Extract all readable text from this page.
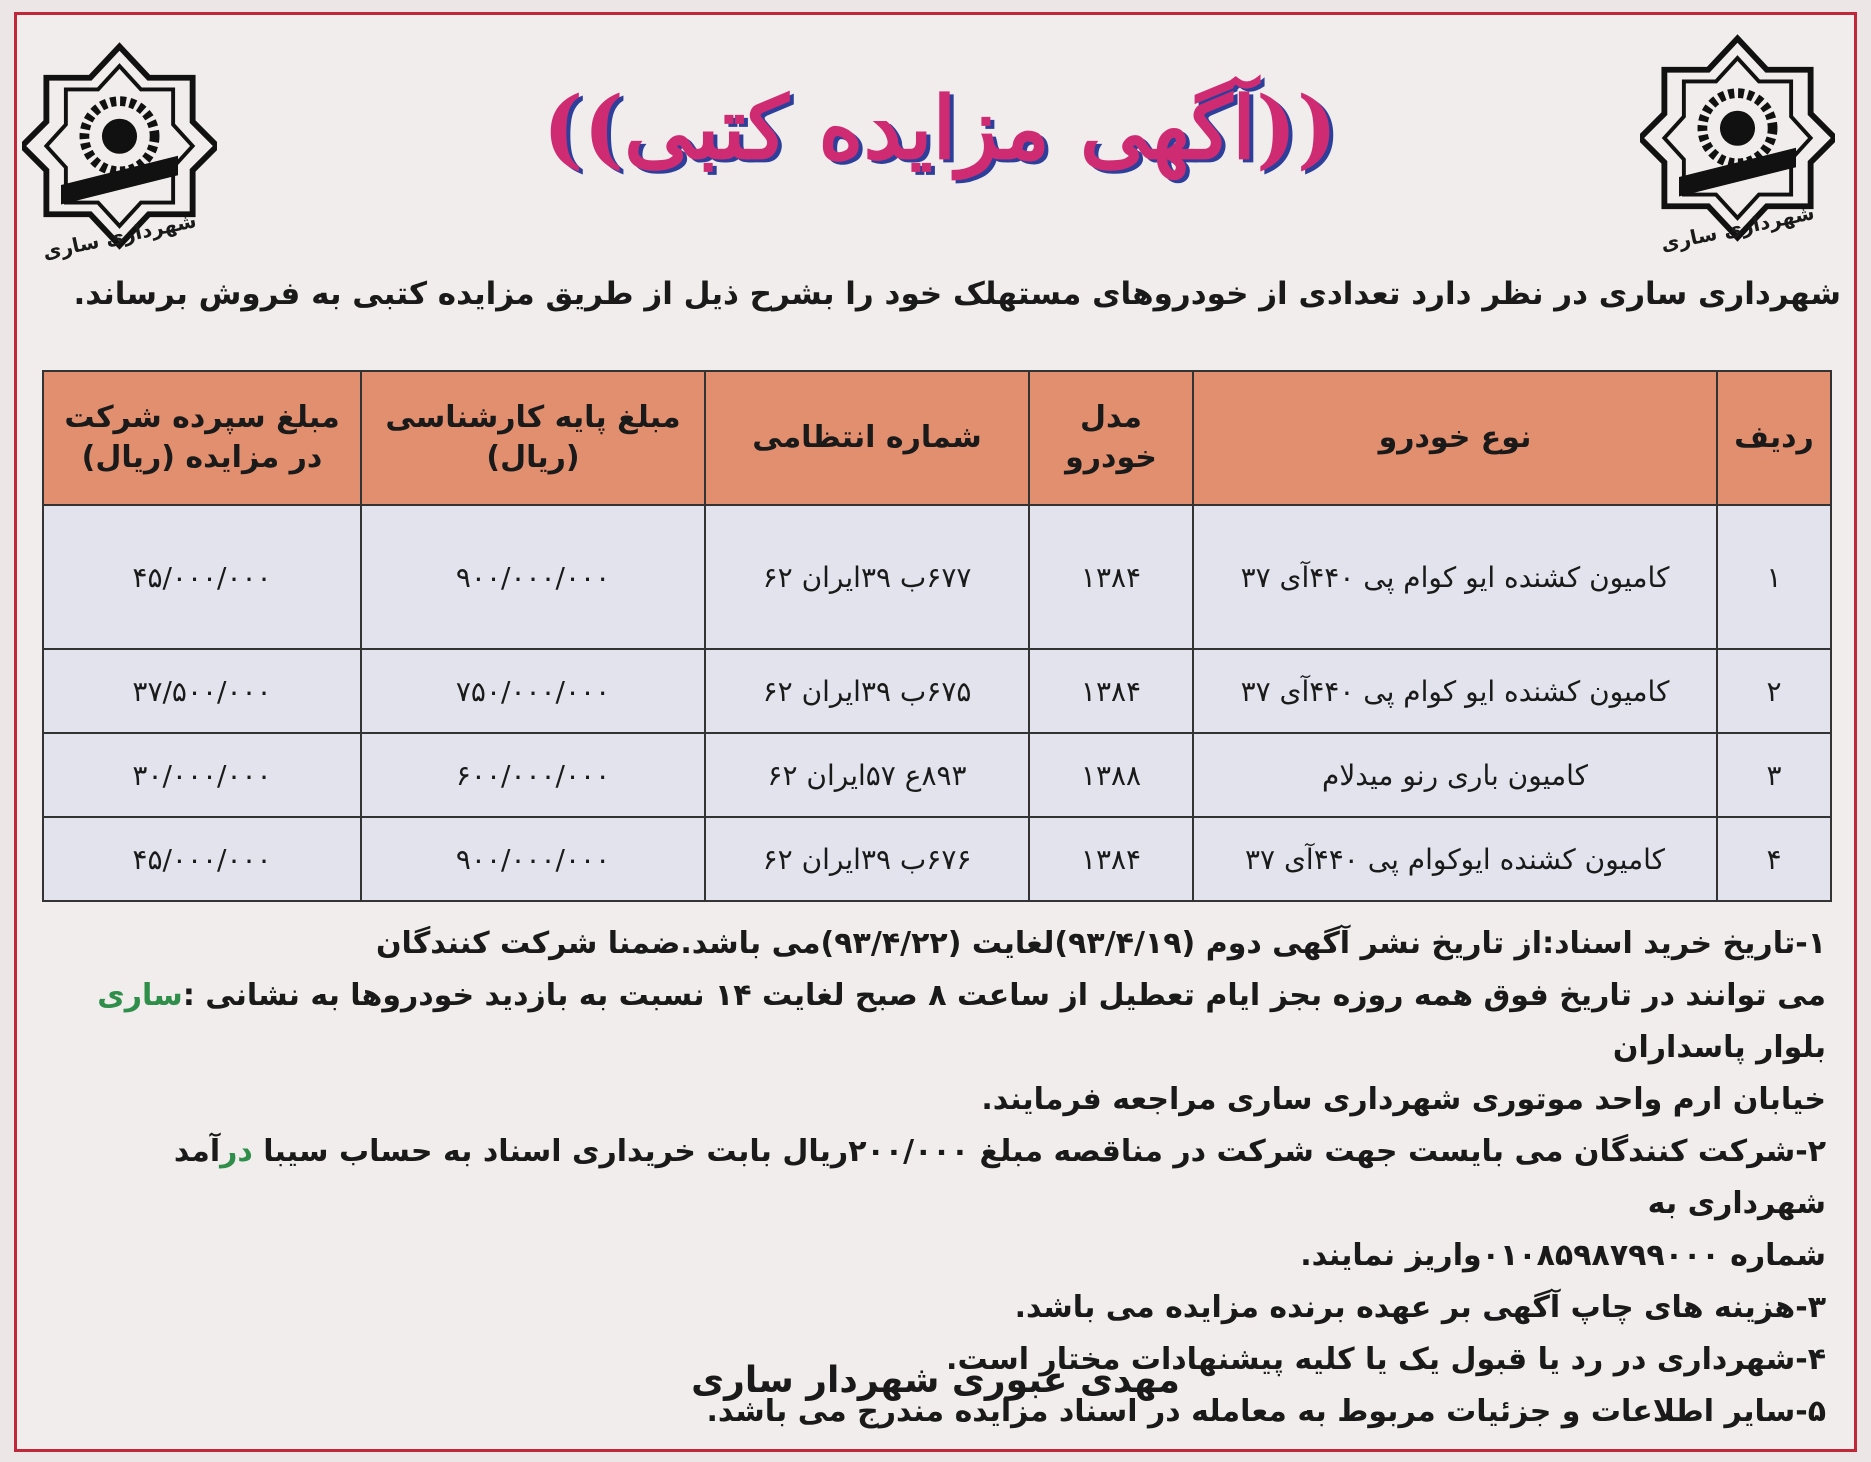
شهرداری ساری
شهرداری ساری
((آگهی مزایده کتبی))
شهرداری ساری در نظر دارد تعدادی از خودروهای مستهلک خود را بشرح ذیل از طریق مزایده کتبی به فروش برساند.
ردیف	نوع خودرو	مدل خودرو	شماره انتظامی	مبلغ پایه کارشناسی (ریال)	مبلغ سپرده شرکت در مزایده (ریال)
۱	کامیون کشنده ایو کوام پی ۴۴۰آی ۳۷	۱۳۸۴	۶۷۷ب ۳۹ایران ۶۲	۹۰۰/۰۰۰/۰۰۰	۴۵/۰۰۰/۰۰۰
۲	کامیون کشنده ایو کوام پی ۴۴۰آی ۳۷	۱۳۸۴	۶۷۵ب ۳۹ایران ۶۲	۷۵۰/۰۰۰/۰۰۰	۳۷/۵۰۰/۰۰۰
۳	کامیون باری رنو میدلام	۱۳۸۸	۸۹۳ع ۵۷ایران ۶۲	۶۰۰/۰۰۰/۰۰۰	۳۰/۰۰۰/۰۰۰
۴	کامیون کشنده ایوکوام پی ۴۴۰آی ۳۷	۱۳۸۴	۶۷۶ب ۳۹ایران ۶۲	۹۰۰/۰۰۰/۰۰۰	۴۵/۰۰۰/۰۰۰

۱-تاریخ خرید اسناد:از تاریخ نشر آگهی دوم (۹۳/۴/۱۹)لغایت (۹۳/۴/۲۲)می باشد.ضمنا شرکت کنندگان

می توانند در تاریخ فوق همه روزه بجز ایام تعطیل از ساعت ۸ صبح لغایت ۱۴ نسبت به بازدید خودروها به نشانی :ساری بلوار پاسداران

خیابان ارم واحد موتوری شهرداری ساری مراجعه فرمایند.

۲-شرکت کنندگان می بایست جهت شرکت در مناقصه مبلغ ۲۰۰/۰۰۰ریال بابت خریداری اسناد به حساب سیبا درآمد شهرداری به

شماره ۰۱۰۸۵۹۸۷۹۹۰۰۰واریز نمایند.

۳-هزینه های چاپ آگهی بر عهده برنده مزایده می باشد.

۴-شهرداری در رد یا قبول یک یا کلیه پیشنهادات مختار است.

۵-سایر اطلاعات و جزئیات مربوط به معامله در اسناد مزایده مندرج می باشد.

مهدی عبوری شهردار ساری
